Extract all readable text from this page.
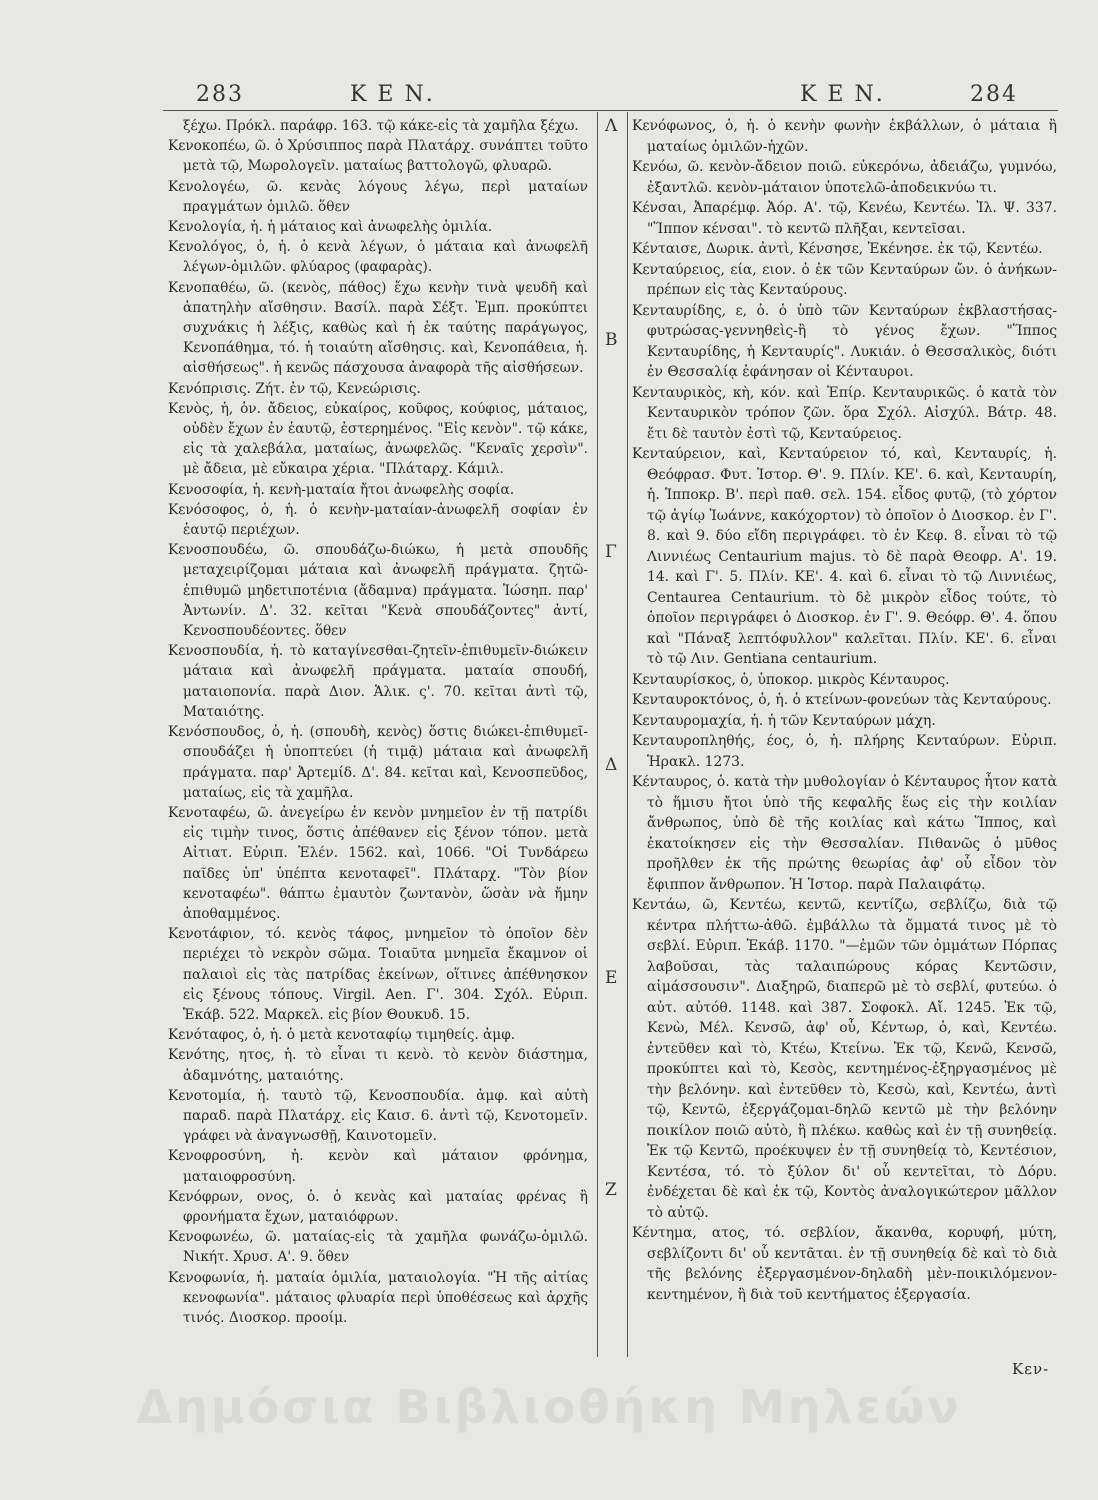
283	Κ Ε Ν.	Κ Ε Ν.	284
Λ
Β
Γ
Δ
Ε
Ζ

ξέχω. Πρόκλ. παράφρ. 163. τῷ κάκε-εἰς τὰ χαμῆλα ξέχω.

Κενοκοπέω, ῶ. ὁ Χρύσιππος παρὰ Πλατάρχ. συνάπτει τοῦτο μετὰ τῷ, Μωρολογεῖν. ματαίως βαττολογῶ, φλυαρῶ.

Κενολογέω, ῶ. κενὰς λόγους λέγω, περὶ ματαίων πραγμάτων ὁμιλῶ. ὅθεν

Κενολογία, ἡ. ἡ μάταιος καὶ ἀνωφελὴς ὁμιλία.

Κενολόγος, ὁ, ἡ. ὁ κενὰ λέγων, ὁ μάταια καὶ ἀνωφελῆ λέγων-ὁμιλῶν. φλύαρος (φαφαρὰς).

Κενοπαθέω, ῶ. (κενὸς, πάθος) ἔχω κενὴν τινὰ ψευδῆ καὶ ἀπατηλὴν αἴσθησιν. Βασίλ. παρὰ Σέξτ. Ἐμπ. προκύπτει συχνάκις ἡ λέξις, καθὼς καὶ ἡ ἐκ ταύτης παράγωγος, Κενοπάθημα, τό. ἡ τοιαύτη αἴσθησις. καὶ, Κενοπάθεια, ἡ. αἰσθήσεως". ἡ κενῶς πάσχουσα ἀναφορὰ τῆς αἰσθήσεων.

Κενόπρισις. Ζήτ. ἐν τῷ, Κενεώρισις.

Κενὸς, ἡ, ὁν. ἄδειος, εὐκαίρος, κοῦφος, κούφιος, μάταιος, οὐδὲν ἔχων ἐν ἑαυτῷ, ἐστερημένος. "Εἰς κενὸν". τῷ κάκε, εἰς τὰ χαλεβάλα, ματαίως, ἀνωφελῶς. "Κεναῖς χερσὶν". μὲ ἄδεια, μὲ εὔκαιρα χέρια. "Πλάταρχ. Κάμιλ.

Κενοσοφία, ἡ. κενὴ-ματαία ἤτοι ἀνωφελὴς σοφία.

Κενόσοφος, ὁ, ἡ. ὁ κενὴν-ματαίαν-ἀνωφελῆ σοφίαν ἐν ἑαυτῷ περιέχων.

Κενοσπουδέω, ῶ. σπουδάζω-διώκω, ἡ μετὰ σπουδῆς μεταχειρίζομαι μάταια καὶ ἀνωφελῆ πράγματα. ζητῶ-ἐπιθυμῶ μηδετιποτένια (ἄδαμνα) πράγματα. Ἰώσηπ. παρ' Ἀντωνίν. Δ'. 32. κεῖται "Κενὰ σπουδάζοντες" ἀντί, Κενοσπουδέοντες. ὅθεν

Κενοσπουδία, ἡ. τὸ καταγίνεσθαι-ζητεῖν-ἐπιθυμεῖν-διώκειν μάταια καὶ ἀνωφελῆ πράγματα. ματαία σπουδή, ματαιοπονία. παρὰ Διον. Ἁλικ. ς'. 70. κεῖται ἀντὶ τῷ, Ματαιότης.

Κενόσπουδος, ὁ, ἡ. (σπουδὴ, κενὸς) ὅστις διώκει-ἐπιθυμεῖ-σπουδάζει ἡ ὑποπτεύει (ἡ τιμᾷ) μάταια καὶ ἀνωφελῆ πράγματα. παρ' Ἀρτεμίδ. Δ'. 84. κεῖται καὶ, Κενοσπεῦδος, ματαίως, εἰς τὰ χαμῆλα.

Κενοταφέω, ῶ. ἀνεγείρω ἐν κενὸν μνημεῖον ἐν τῇ πατρίδι εἰς τιμὴν τινος, ὅστις ἀπέθανεν εἰς ξένον τόπον. μετὰ Αἰτιατ. Εὐριπ. Ἑλέν. 1562. καὶ, 1066. "Οἱ Τυνδάρεω παῖδες ὑπ' ὑπέπτα κενοταφεῖ". Πλάταρχ. "Τὸν βίον κενοταφέω". θάπτω ἐμαυτὸν ζωντανὸν, ὥσὰν νὰ ἤμην ἀποθαμμένος.

Κενοτάφιον, τό. κενὸς τάφος, μνημεῖον τὸ ὁποῖον δὲν περιέχει τὸ νεκρὸν σῶμα. Τοιαῦτα μνημεῖα ἔκαμνον οἱ παλαιοὶ εἰς τὰς πατρίδας ἐκείνων, οἵτινες ἀπέθνησκον εἰς ξένους τόπους. Virgil. Aen. Γ'. 304. Σχόλ. Εὐριπ. Ἑκάβ. 522. Μαρκελ. εἰς βίον Θουκυδ. 15.

Κενόταφος, ὁ, ἡ. ὁ μετὰ κενοταφίῳ τιμηθείς. ἀμφ.

Κενότης, ητος, ἡ. τὸ εἶναι τι κενὸ. τὸ κενὸν διάστημα, ἀδαμνότης, ματαιότης.

Κενοτομία, ἡ. ταυτὸ τῷ, Κενοσπουδία. ἀμφ. καὶ αὐτὴ παραδ. παρὰ Πλατάρχ. εἰς Καισ. 6. ἀντὶ τῷ, Κενοτομεῖν. γράφει νὰ ἀναγνωσθῇ, Καινοτομεῖν.

Κενοφροσύνη, ἡ. κενὸν καὶ μάταιον φρόνημα, ματαιοφροσύνη.

Κενόφρων, ονος, ὁ. ὁ κενὰς καὶ ματαίας φρένας ἢ φρονήματα ἔχων, ματαιόφρων.

Κενοφωνέω, ῶ. ματαίας-εἰς τὰ χαμῆλα φωνάζω-ὁμιλῶ. Νικήτ. Χρυσ. Α'. 9. ὅθεν

Κενοφωνία, ἡ. ματαία ὁμιλία, ματαιολογία. "Ἡ τῆς αἰτίας κενοφωνία". μάταιος φλυαρία περὶ ὑποθέσεως καὶ ἀρχῆς τινός. Διοσκορ. προοίμ.

Κενόφωνος, ὁ, ἡ. ὁ κενὴν φωνὴν ἐκβάλλων, ὁ μάταια ἢ ματαίως ὁμιλῶν-ἠχῶν.

Κενόω, ῶ. κενὸν-ἄδειον ποιῶ. εὐκερόνω, ἀδειάζω, γυμνόω, ἐξαντλῶ. κενὸν-μάταιον ὑποτελῶ-ἀποδεικνύω τι.

Κένσαι, Ἀπαρέμφ. Ἀόρ. Α'. τῷ, Κενέω, Κεντέω. Ἰλ. Ψ. 337. "Ἵππον κένσαι". τὸ κεντῶ πλῆξαι, κεντεῖσαι.

Κένταισε, Δωρικ. ἀντὶ, Κένσησε, Ἐκένησε. ἐκ τῷ, Κεντέω.

Κενταύρειος, εία, ειον. ὁ ἐκ τῶν Κενταύρων ὤν. ὁ ἀνήκων-πρέπων εἰς τὰς Κενταύρους.

Κενταυρίδης, ε, ὁ. ὁ ὑπὸ τῶν Κενταύρων ἐκβλαστήσας-φυτρώσας-γεννηθεὶς-ἢ τὸ γένος ἔχων. "Ἵππος Κενταυρίδης, ἡ Κενταυρίς". Λυκιάν. ὁ Θεσσαλικὸς, διότι ἐν Θεσσαλίᾳ ἐφάνησαν οἱ Κένταυροι.

Κενταυρικὸς, κὴ, κόν. καὶ Ἐπίρ. Κενταυρικῶς. ὁ κατὰ τὸν Κενταυρικὸν τρόπον ζῶν. ὅρα Σχόλ. Αἰσχύλ. Βάτρ. 48. ἔτι δὲ ταυτὸν ἐστὶ τῷ, Κενταύρειος.

Κενταύρειον, καὶ, Κενταύρειον τό, καὶ, Κενταυρίς, ἡ. Θεόφρασ. Φυτ. Ἱστορ. Θ'. 9. Πλίν. ΚΕ'. 6. καὶ, Κενταυρίη, ἡ. Ἱπποκρ. Β'. περὶ παθ. σελ. 154. εἶδος φυτῷ, (τὸ χόρτον τῷ ἁγίῳ Ἰωάννε, κακόχορτον) τὸ ὁποῖον ὁ Διοσκορ. ἐν Γ'. 8. καὶ 9. δύο εἴδη περιγράφει. τὸ ἐν Κεφ. 8. εἶναι τὸ τῷ Λιννιέως Centaurium majus. τὸ δὲ παρὰ Θεοφρ. Α'. 19. 14. καὶ Γ'. 5. Πλίν. ΚΕ'. 4. καὶ 6. εἶναι τὸ τῷ Λιννιέως, Centaurea Centaurium. τὸ δὲ μικρὸν εἶδος τούτε, τὸ ὁποῖον περιγράφει ὁ Διοσκορ. ἐν Γ'. 9. Θεόφρ. Θ'. 4. ὅπου καὶ "Πάναξ λεπτόφυλλον" καλεῖται. Πλίν. ΚΕ'. 6. εἶναι τὸ τῷ Λιν. Gentiana centaurium.

Κενταυρίσκος, ὁ, ὑποκορ. μικρὸς Κένταυρος.

Κενταυροκτόνος, ὁ, ἡ. ὁ κτείνων-φονεύων τὰς Κενταύρους.

Κενταυρομαχία, ἡ. ἡ τῶν Κενταύρων μάχη.

Κενταυροπληθής, έος, ὁ, ἡ. πλήρης Κενταύρων. Εὐριπ. Ἡρακλ. 1273.

Κένταυρος, ὁ. κατὰ τὴν μυθολογίαν ὁ Κένταυρος ἦτον κατὰ τὸ ἥμισυ ἤτοι ὑπὸ τῆς κεφαλῆς ἕως εἰς τὴν κοιλίαν ἄνθρωπος, ὑπὸ δὲ τῆς κοιλίας καὶ κάτω Ἵππος, καὶ ἐκατοίκησεν εἰς τὴν Θεσσαλίαν. Πιθανῶς ὁ μῦθος προῆλθεν ἐκ τῆς πρώτης θεωρίας ἀφ' οὗ εἶδον τὸν ἔφιππον ἄνθρωπον. Ἡ Ἱστορ. παρὰ Παλαιφάτῳ.

Κεντάω, ῶ, Κεντέω, κεντῶ, κεντίζω, σεβλίζω, διὰ τῷ κέντρα πλήττω-ἀθῶ. ἐμβάλλω τὰ ὄμματά τινος μὲ τὸ σεβλί. Εὐριπ. Ἑκάβ. 1170. "—ἐμῶν τῶν ὀμμάτων Πόρπας λαβοῦσαι, τὰς ταλαιπώρους κόρας Κεντῶσιν, αἱμάσσουσιν". Διαξηρῶ, διαπερῶ μὲ τὸ σεβλί, φυτεύω. ὁ αὐτ. αὐτόθ. 1148. καὶ 387. Σοφοκλ. Αἴ. 1245. Ἐκ τῷ, Κενὼ, Μέλ. Κενσῶ, ἀφ' οὗ, Κέντωρ, ὁ, καὶ, Κεντέω. ἐντεῦθεν καὶ τὸ, Κτέω, Κτείνω. Ἐκ τῷ, Κενῶ, Κενσῶ, προκύπτει καὶ τὸ, Κεσὸς, κεντημένος-ἐξηργασμένος μὲ τὴν βελόνην. καὶ ἐντεῦθεν τὸ, Κεσὼ, καὶ, Κεντέω, ἀντὶ τῷ, Κεντῶ, ἐξεργάζομαι-δηλῶ κεντῶ μὲ τὴν βελόνην ποικίλον ποιῶ αὐτὸ, ἢ πλέκω. καθὼς καὶ ἐν τῇ συνηθείᾳ. Ἐκ τῷ Κεντῶ, προέκυψεν ἐν τῇ συνηθείᾳ τὸ, Κεντέσιον, Κεντέσα, τό. τὸ ξύλον δι' οὗ κεντεῖται, τὸ Δόρυ. ἐνδέχεται δὲ καὶ ἐκ τῷ, Κοντὸς ἀναλογικώτερον μᾶλλον τὸ αὐτῷ.

Κέντημα, ατος, τό. σεβλίον, ἄκανθα, κορυφή, μύτη, σεβλίζοντι δι' οὗ κεντᾶται. ἐν τῇ συνηθείᾳ δὲ καὶ τὸ διὰ τῆς βελόνης ἐξεργασμένον-δηλαδὴ μὲν-ποικιλόμενον-κεντημένον, ἢ διὰ τοῦ κεντήματος ἐξεργασία.

Κεν-
Δημόσια Βιβλιοθήκη Μηλεών
